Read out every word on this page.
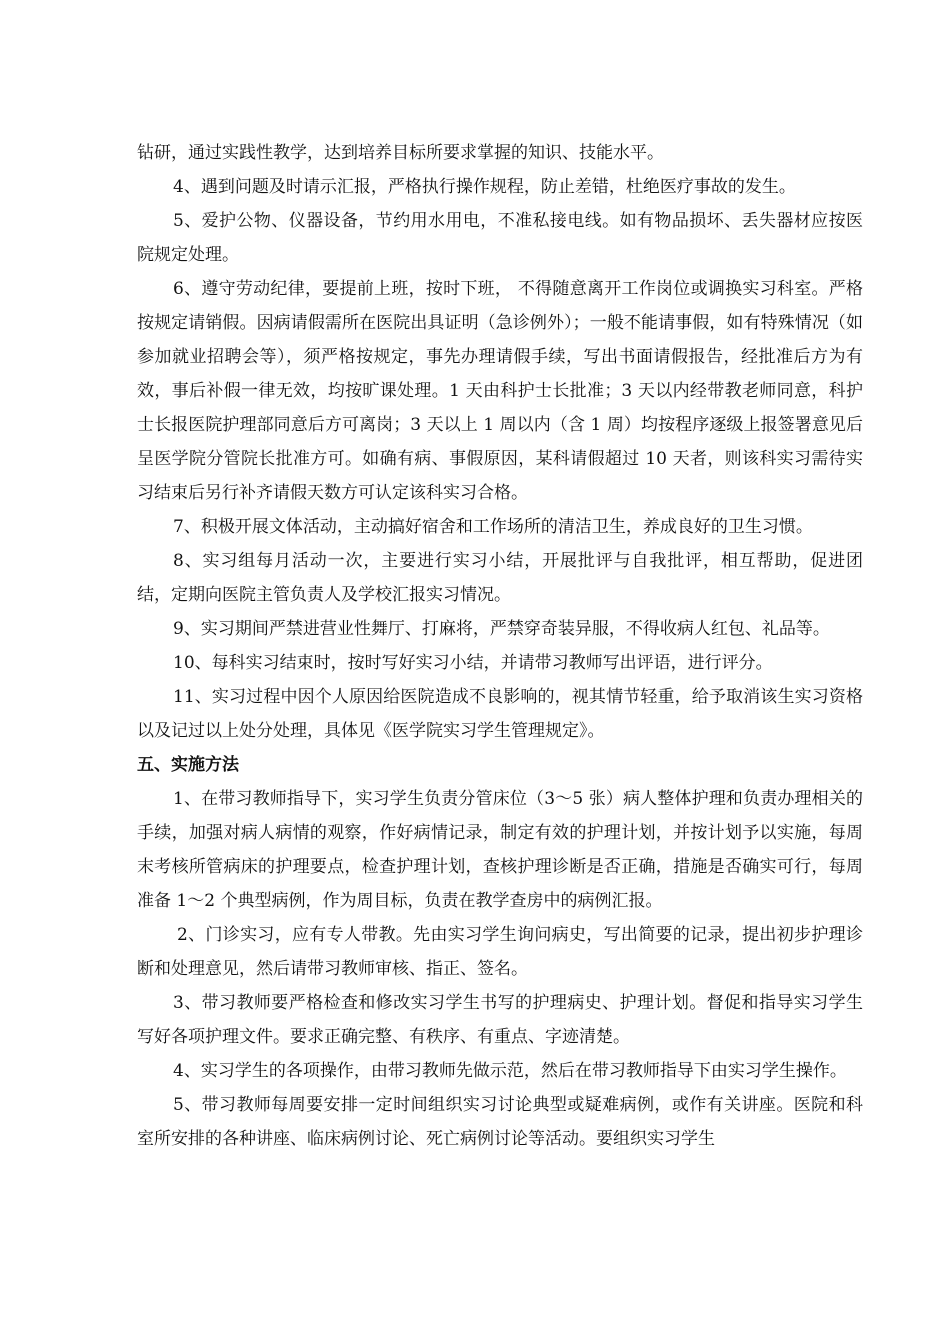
钻研，通过实践性教学，达到培养目标所要求掌握的知识、技能水平。

4、遇到问题及时请示汇报，严格执行操作规程，防止差错，杜绝医疗事故的发生。

5、爱护公物、仪器设备，节约用水用电，不准私接电线。如有物品损坏、丢失器材应按医院规定处理。

6、遵守劳动纪律，要提前上班，按时下班， 不得随意离开工作岗位或调换实习科室。严格按规定请销假。因病请假需所在医院出具证明（急诊例外）；一般不能请事假，如有特殊情况（如参加就业招聘会等），须严格按规定，事先办理请假手续，写出书面请假报告，经批准后方为有效，事后补假一律无效，均按旷课处理。1 天由科护士长批准；3 天以内经带教老师同意，科护士长报医院护理部同意后方可离岗；3 天以上 1 周以内（含 1 周）均按程序逐级上报签署意见后呈医学院分管院长批准方可。如确有病、事假原因，某科请假超过 10 天者，则该科实习需待实习结束后另行补齐请假天数方可认定该科实习合格。

7、积极开展文体活动，主动搞好宿舍和工作场所的清洁卫生，养成良好的卫生习惯。

8、实习组每月活动一次，主要进行实习小结，开展批评与自我批评，相互帮助，促进团结，定期向医院主管负责人及学校汇报实习情况。

9、实习期间严禁进营业性舞厅、打麻将，严禁穿奇装异服，不得收病人红包、礼品等。

10、每科实习结束时，按时写好实习小结，并请带习教师写出评语，进行评分。

11、实习过程中因个人原因给医院造成不良影响的，视其情节轻重，给予取消该生实习资格以及记过以上处分处理，具体见《医学院实习学生管理规定》。

五、实施方法

1、在带习教师指导下，实习学生负责分管床位（3～5 张）病人整体护理和负责办理相关的手续，加强对病人病情的观察，作好病情记录，制定有效的护理计划，并按计划予以实施，每周末考核所管病床的护理要点，检查护理计划，查核护理诊断是否正确，措施是否确实可行，每周准备 1～2 个典型病例，作为周目标，负责在教学查房中的病例汇报。

2、门诊实习，应有专人带教。先由实习学生询问病史，写出简要的记录，提出初步护理诊断和处理意见，然后请带习教师审核、指正、签名。

3、带习教师要严格检查和修改实习学生书写的护理病史、护理计划。督促和指导实习学生写好各项护理文件。要求正确完整、有秩序、有重点、字迹清楚。

4、实习学生的各项操作，由带习教师先做示范，然后在带习教师指导下由实习学生操作。

5、带习教师每周要安排一定时间组织实习讨论典型或疑难病例，或作有关讲座。医院和科室所安排的各种讲座、临床病例讨论、死亡病例讨论等活动。要组织实习学生
